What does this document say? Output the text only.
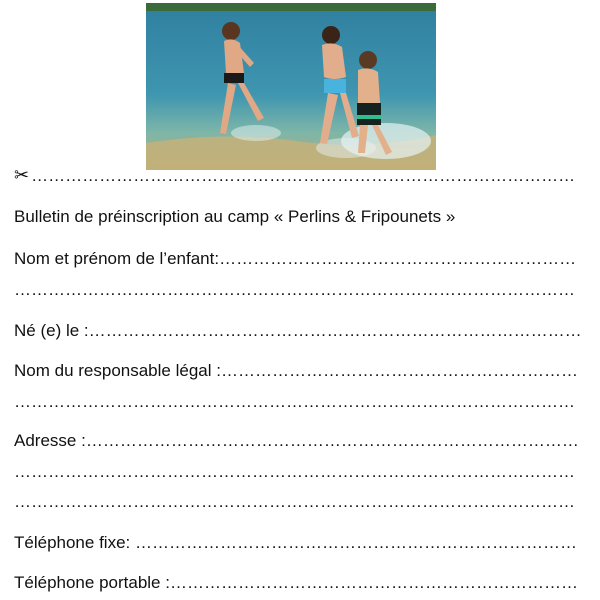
✂ ……………………………………………………………………………………
Bulletin de préinscription au camp « Perlins & Fripounets »
Nom et prénom de l’enfant:………………………………………………………
………………………………………………………………………………………
Né (e) le :……………………………………………………………………………
Nom du responsable légal :………………………………………………………
………………………………………………………………………………………
Adresse :……………………………………………………………………………
………………………………………………………………………………………
………………………………………………………………………………………
Téléphone fixe: ……………………………………………………………………
Téléphone portable :………………………………………………………………
